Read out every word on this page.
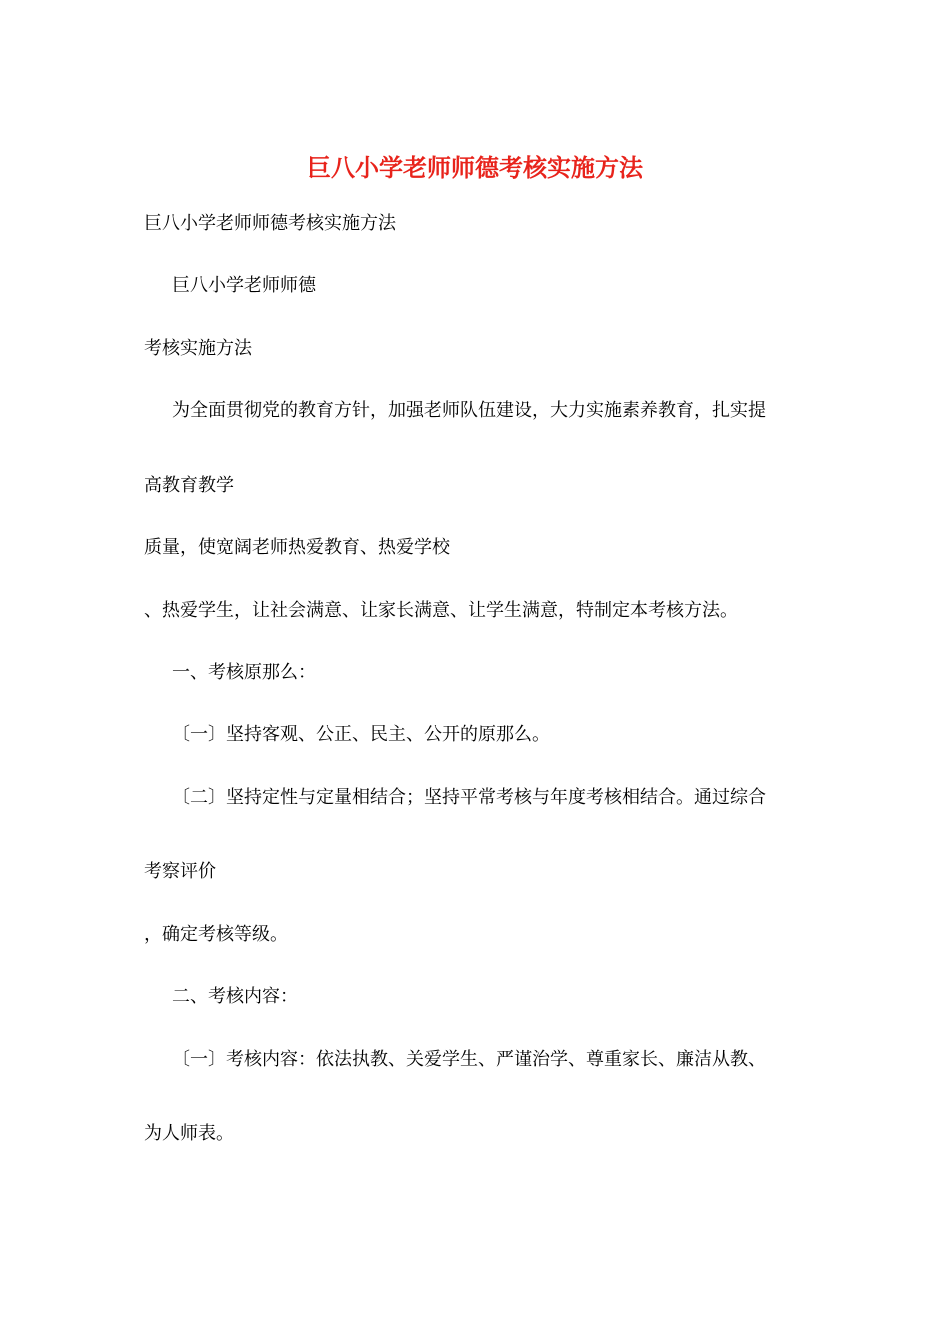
巨八小学老师师德考核实施方法

巨八小学老师师德考核实施方法

巨八小学老师师德

考核实施方法

为全面贯彻党的教育方针，加强老师队伍建设，大力实施素养教育，扎实提

高教育教学

质量，使宽阔老师热爱教育、热爱学校

、热爱学生，让社会满意、让家长满意、让学生满意，特制定本考核方法。

一、考核原那么：

〔一〕坚持客观、公正、民主、公开的原那么。

〔二〕坚持定性与定量相结合；坚持平常考核与年度考核相结合。通过综合

考察评价

，确定考核等级。

二、考核内容：

〔一〕考核内容：依法执教、关爱学生、严谨治学、尊重家长、廉洁从教、

为人师表。
